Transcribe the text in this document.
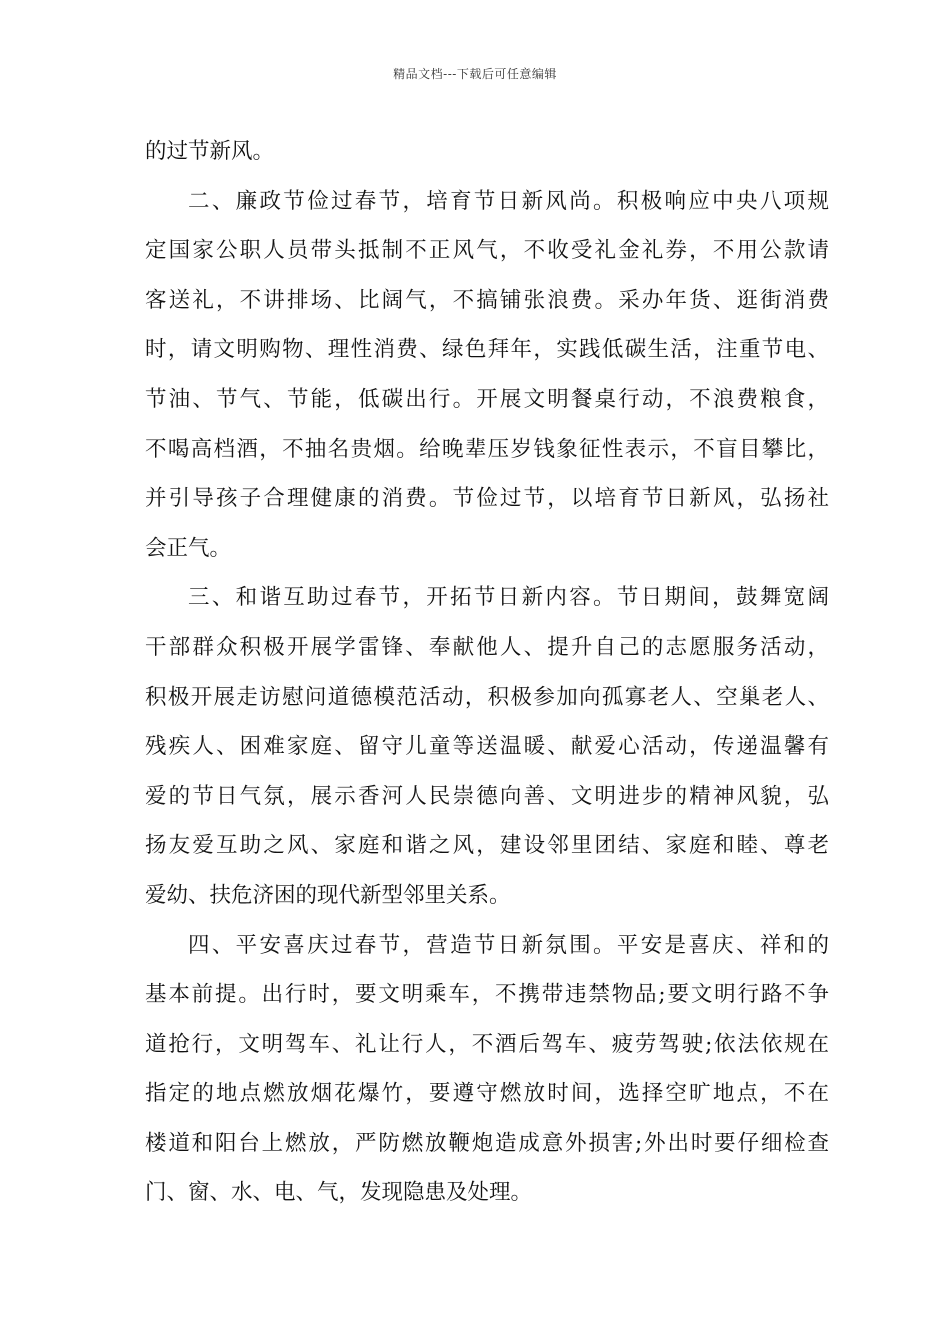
精品文档---下载后可任意编辑
的过节新风。
二、廉政节俭过春节，培育节日新风尚。积极响应中央八项规
定国家公职人员带头抵制不正风气，不收受礼金礼券，不用公款请
客送礼，不讲排场、比阔气，不搞铺张浪费。采办年货、逛街消费
时，请文明购物、理性消费、绿色拜年，实践低碳生活，注重节电、
节油、节气、节能，低碳出行。开展文明餐桌行动，不浪费粮食，
不喝高档酒，不抽名贵烟。给晚辈压岁钱象征性表示，不盲目攀比，
并引导孩子合理健康的消费。节俭过节，以培育节日新风，弘扬社
会正气。
三、和谐互助过春节，开拓节日新内容。节日期间，鼓舞宽阔
干部群众积极开展学雷锋、奉献他人、提升自己的志愿服务活动，
积极开展走访慰问道德模范活动，积极参加向孤寡老人、空巢老人、
残疾人、困难家庭、留守儿童等送温暖、献爱心活动，传递温馨有
爱的节日气氛，展示香河人民崇德向善、文明进步的精神风貌，弘
扬友爱互助之风、家庭和谐之风，建设邻里团结、家庭和睦、尊老
爱幼、扶危济困的现代新型邻里关系。
四、平安喜庆过春节，营造节日新氛围。平安是喜庆、祥和的
基本前提。出行时，要文明乘车，不携带违禁物品;要文明行路不争
道抢行，文明驾车、礼让行人，不酒后驾车、疲劳驾驶;依法依规在
指定的地点燃放烟花爆竹，要遵守燃放时间，选择空旷地点，不在
楼道和阳台上燃放，严防燃放鞭炮造成意外损害;外出时要仔细检查
门、窗、水、电、气，发现隐患及处理。
